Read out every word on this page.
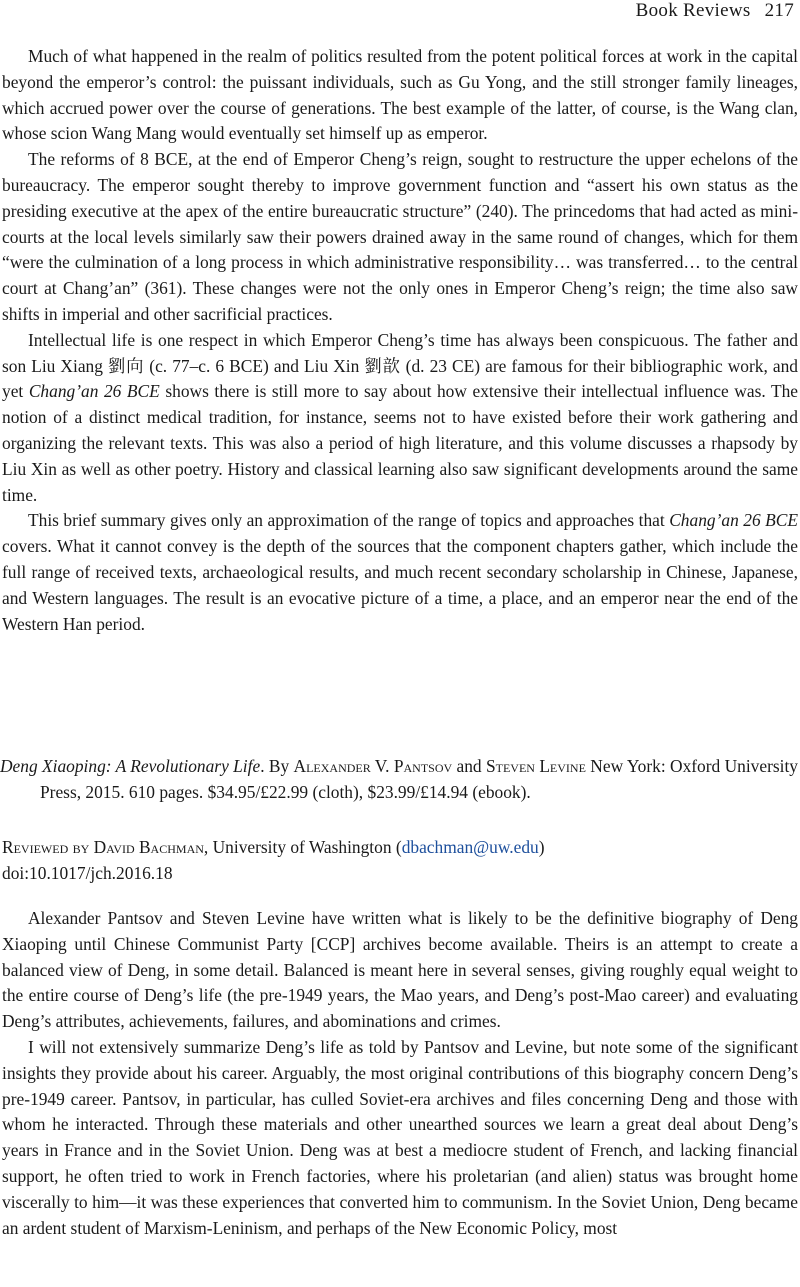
Book Reviews 217

Much of what happened in the realm of politics resulted from the potent political forces at work in the capital beyond the emperor’s control: the puissant individuals, such as Gu Yong, and the still stronger family lineages, which accrued power over the course of generations. The best example of the latter, of course, is the Wang clan, whose scion Wang Mang would eventually set himself up as emperor.

The reforms of 8 BCE, at the end of Emperor Cheng’s reign, sought to restructure the upper echelons of the bureaucracy. The emperor sought thereby to improve government function and “assert his own status as the presiding executive at the apex of the entire bureaucratic structure” (240). The princedoms that had acted as mini-courts at the local levels similarly saw their powers drained away in the same round of changes, which for them “were the culmination of a long process in which administrative responsibility… was transferred… to the central court at Chang’an” (361). These changes were not the only ones in Emperor Cheng’s reign; the time also saw shifts in imperial and other sacrificial practices.

Intellectual life is one respect in which Emperor Cheng’s time has always been conspicuous. The father and son Liu Xiang 劉向 (c. 77–c. 6 BCE) and Liu Xin 劉歆 (d. 23 CE) are famous for their bibliographic work, and yet Chang’an 26 BCE shows there is still more to say about how extensive their intellectual influence was. The notion of a distinct medical tradition, for instance, seems not to have existed before their work gathering and organizing the relevant texts. This was also a period of high literature, and this volume discusses a rhapsody by Liu Xin as well as other poetry. History and classical learning also saw significant developments around the same time.

This brief summary gives only an approximation of the range of topics and approaches that Chang’an 26 BCE covers. What it cannot convey is the depth of the sources that the component chapters gather, which include the full range of received texts, archaeological results, and much recent secondary scholarship in Chinese, Japanese, and Western languages. The result is an evocative picture of a time, a place, and an emperor near the end of the Western Han period.

Deng Xiaoping: A Revolutionary Life. By Alexander V. Pantsov and Steven Levine New York: Oxford University Press, 2015. 610 pages. $34.95/£22.99 (cloth), $23.99/£14.94 (ebook).
Reviewed by David Bachman, University of Washington (dbachman@uw.edu)
doi:10.1017/jch.2016.18

Alexander Pantsov and Steven Levine have written what is likely to be the definitive biography of Deng Xiaoping until Chinese Communist Party [CCP] archives become available. Theirs is an attempt to create a balanced view of Deng, in some detail. Balanced is meant here in several senses, giving roughly equal weight to the entire course of Deng’s life (the pre-1949 years, the Mao years, and Deng’s post-Mao career) and evaluating Deng’s attributes, achievements, failures, and abominations and crimes.

I will not extensively summarize Deng’s life as told by Pantsov and Levine, but note some of the significant insights they provide about his career. Arguably, the most original contributions of this biography concern Deng’s pre-1949 career. Pantsov, in particular, has culled Soviet-era archives and files concerning Deng and those with whom he interacted. Through these materials and other unearthed sources we learn a great deal about Deng’s years in France and in the Soviet Union. Deng was at best a mediocre student of French, and lacking financial support, he often tried to work in French factories, where his proletarian (and alien) status was brought home viscerally to him—it was these experiences that converted him to communism. In the Soviet Union, Deng became an ardent student of Marxism-Leninism, and perhaps of the New Economic Policy, most
